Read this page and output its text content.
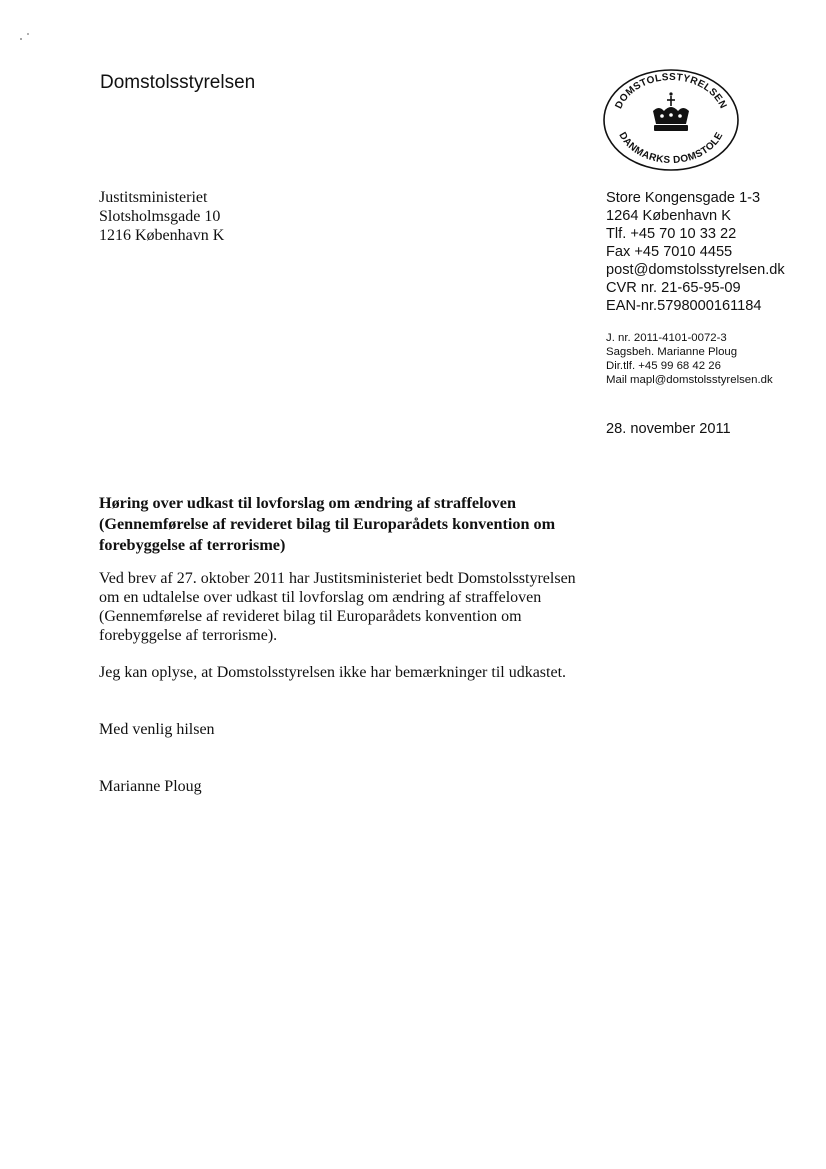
Domstolsstyrelsen
DOMSTOLSSTYRELSEN
DANMARKS DOMSTOLE
Justitsministeriet
Slotsholmsgade 10
1216 København K
Store Kongensgade 1-3
1264 København K
Tlf. +45 70 10 33 22
Fax +45 7010 4455
post@domstolsstyrelsen.dk
CVR nr. 21-65-95-09
EAN-nr.5798000161184
J. nr. 2011-4101-0072-3
Sagsbeh. Marianne Ploug
Dir.tlf. +45 99 68 42 26
Mail mapl@domstolsstyrelsen.dk
28. november 2011
Høring over udkast til lovforslag om ændring af straffeloven
(Gennemførelse af revideret bilag til Europarådets konvention om
forebyggelse af terrorisme)
Ved brev af 27. oktober 2011 har Justitsministeriet bedt Domstolsstyrelsen
om en udtalelse over udkast til lovforslag om ændring af straffeloven
(Gennemførelse af revideret bilag til Europarådets konvention om
forebyggelse af terrorisme).
Jeg kan oplyse, at Domstolsstyrelsen ikke har bemærkninger til udkastet.
Med venlig hilsen
Marianne Ploug
